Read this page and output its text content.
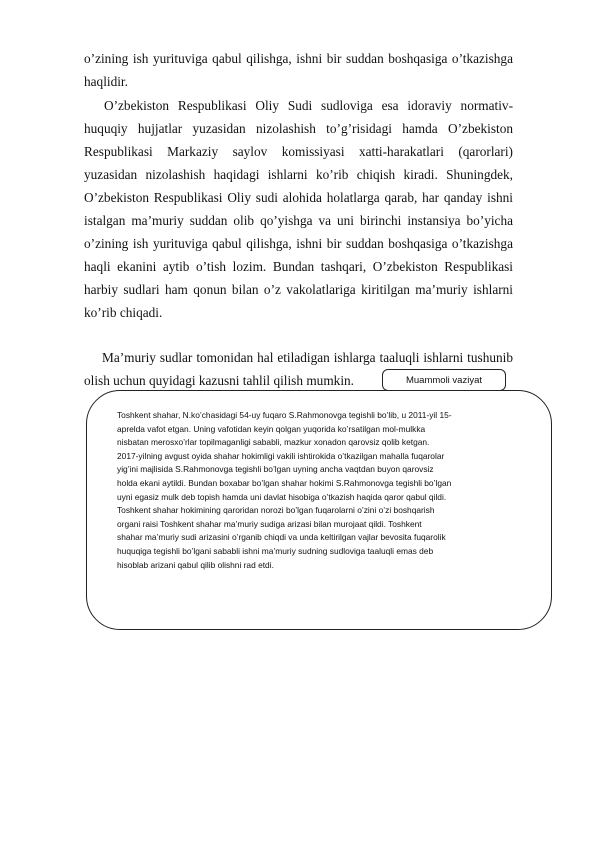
o’zining ish yurituviga qabul qilishga, ishni bir suddan boshqasiga o’tkazishga haqlidir.

O’zbekiston Respublikasi Oliy Sudi sudloviga esa idoraviy normativ- huquqiy hujjatlar yuzasidan nizolashish to’g’risidagi hamda O’zbekiston Respublikasi Markaziy saylov komissiyasi xatti-harakatlari (qarorlari) yuzasidan nizolashish haqidagi ishlarni ko’rib chiqish kiradi. Shuningdek, O’zbekiston Respublikasi Oliy sudi alohida holatlarga qarab, har qanday ishni istalgan ma’muriy suddan olib qo’yishga va uni birinchi instansiya bo’yicha o’zining ish yurituviga qabul qilishga, ishni bir suddan boshqasiga o’tkazishga haqli ekanini aytib o’tish lozim. Bundan tashqari, O’zbekiston Respublikasi harbiy sudlari ham qonun bilan o’z vakolatlariga kiritilgan ma’muriy ishlarni ko’rib chiqadi.

Ma’muriy sudlar tomonidan hal etiladigan ishlarga taaluqli ishlarni tushunib olish uchun quyidagi kazusni tahlil qilish mumkin.	Muammoli vaziyat

Toshkent shahar, N.ko’chasidagi 54-uy fuqaro S.Rahmonovga tegishli bo’lib, u 2011-yil 15-
aprelda vafot etgan. Uning vafotidan keyin qolgan yuqorida ko’rsatilgan mol-mulkka
nisbatan merosxo’rlar topilmaganligi sababli, mazkur xonadon qarovsiz qolib ketgan.
2017-yilning avgust oyida shahar hokimligi vakili ishtirokida o’tkazilgan mahalla fuqarolar
yig’ini majlisida S.Rahmonovga tegishli bo’lgan uyning ancha vaqtdan buyon qarovsiz
holda ekani aytildi. Bundan boxabar bo’lgan shahar hokimi S.Rahmonovga tegishli bo’lgan
uyni egasiz mulk deb topish hamda uni davlat hisobiga o’tkazish haqida qaror qabul qildi.
Toshkent shahar hokimining qaroridan norozi bo’lgan fuqarolarni o’zini o’zi boshqarish
organi raisi Toshkent shahar ma’muriy sudiga arizasi bilan murojaat qildi. Toshkent
shahar ma’muriy sudi arizasini o’rganib chiqdi va unda keltirilgan vajlar bevosita fuqarolik
huquqiga tegishli bo’lgani sababli ishni ma’muriy sudning sudloviga taaluqli emas deb
hisoblab arizani qabul qilib olishni rad etdi.
